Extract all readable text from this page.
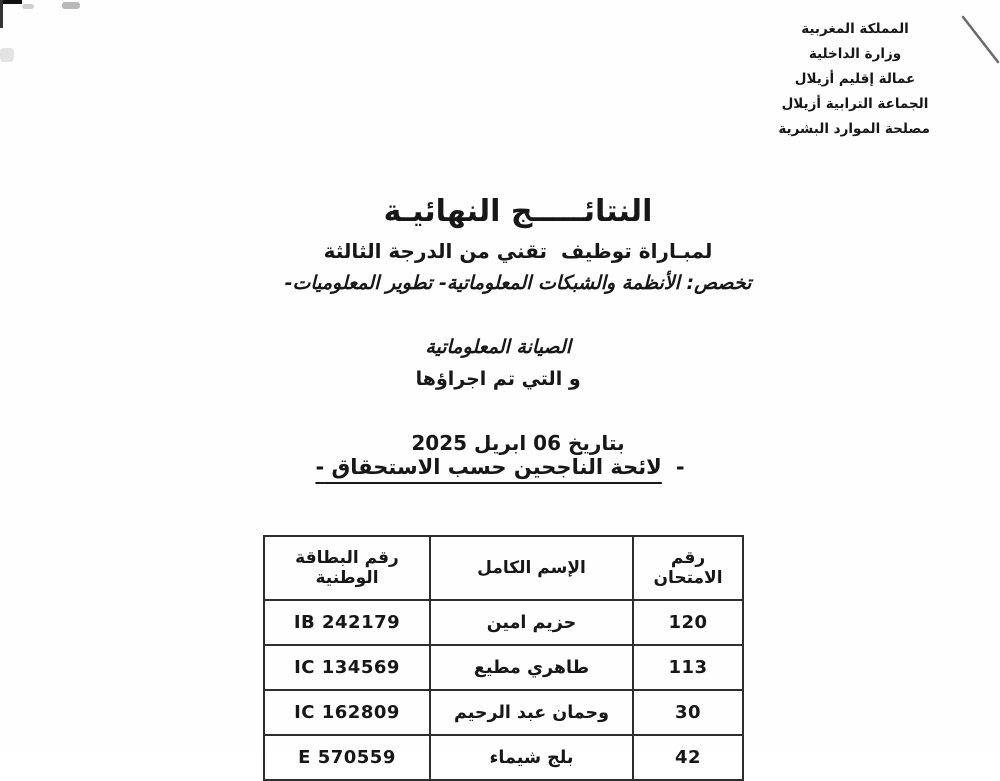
المملكة المغربية
وزارة الداخلية
عمالة إقليم أزيلال
الجماعة الترابية أزيلال
مصلحة الموارد البشرية

النتائـــــج النهائيـة

لمبـاراة توظيف  تقني من الدرجة الثالثة

تخصص: الأنظمة والشبكات المعلوماتية- تطوير المعلوميات-

الصيانة المعلوماتية
و التي تم اجراؤها

بتاريخ 06 ابريل 2025

-لائحة الناجحين حسب الاستحقاق -
رقم الامتحان	الإسم الكامل	رقم البطاقة الوطنية
120	حزيم امين	IB 242179
113	طاهري مطيع	IC 134569
30	وحمان عبد الرحيم	IC 162809
42	بلج شيماء	E 570559
